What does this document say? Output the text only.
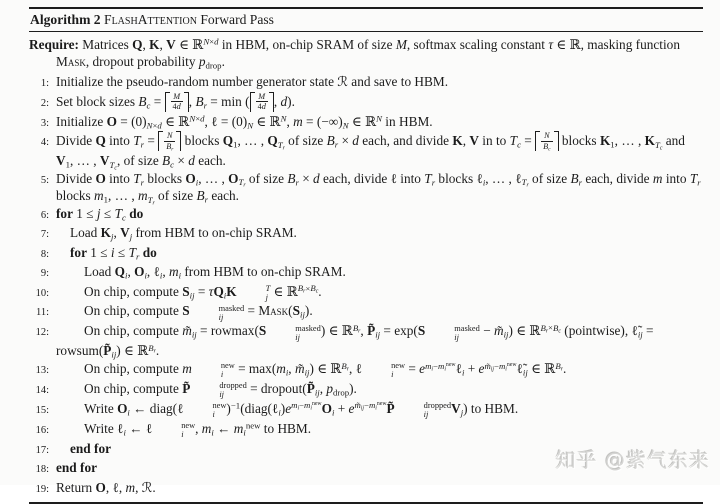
Algorithm 2 FlashAttention Forward Pass
Require: Matrices Q, K, V ∈ ℝ$^{N\times d}$ in HBM, on-chip SRAM of size M, softmax scaling constant τ ∈ ℝ, masking function Mask, dropout probability $p_{drop}$.
1: Initialize the pseudo-random number generator state ℛ and save to HBM.
2: Set block sizes $B_c = \frac{M}{4d}$ , $B_r = \min$ ( $\frac{M}{4d}$ , d).
3: Initialize $O = (0)_{N\times d}$ ∈ ℝ$^{N\times d}$, ℓ = $(0)_N$ ∈ ℝ$^N$, $m = (-\infty)_N$ ∈ ℝ$^N$ in HBM.
4: Divide Q into $T_r = \frac{N}{B_r}$ blocks $Q_1$, … , $Q_{T_r}$ of size $B_r \times d$ each, and divide K, V in to $T_c = \frac{N}{B_c}$ blocks $K_1$, … , $K_{T_c}$ and $V_1$, … , $V_{T_c}$, of size $B_c \times d$ each.
5: Divide O into $T_r$ blocks $O_i$, … , $O_{T_r}$ of size $B_r \times d$ each, divide ℓ into $T_r$ blocks ℓ$_i$, … , ℓ$_{T_r}$ of size $B_r$ each, divide m into $T_r$ blocks $m_1$, … , $m_{T_r}$ of size $B_r$ each.
6: for $1 \le j \le T_c$ do
7:	Load $K_j$, $V_j$ from HBM to on-chip SRAM.
8:	for $1 \le i \le T_r$ do
9:	Load $Q_i$, $O_i$, ℓ$_i$, $m_i$ from HBM to on-chip SRAM.
10:	On chip, compute $S_{ij} = \tau Q_iK$	T
j ∈ ℝ$^{B_r\times B_c}$.
11:	On chip, compute S	masked
ij	= $Mask(S_{ij})$.
12:	On chip, compute $m̃_{ij} = rowmax(S$	masked
ij	) ∈ ℝ$^{B_r}$, $P̃_{ij} = \exp(S$	masked
ij	− $m̃_{ij}$) ∈ ℝ$^{B_r\times B_c}$ (pointwise), $\ell̃_{ij}$ = $rowsum(P̃_{ij})$ ∈ ℝ$^{B_r}$.
13:	On chip, compute m	new
$i = \max(m_i$, $m̃_{ij}$) ∈ ℝ$^{B_r}$, ℓ	new
$i = e^{m_i-m_i^{new}}\ell_i$ + $e^{m̃_{ij}-m_i^{new}}\ell̃_{ij}$ ∈ ℝ$^{B_r}$.
14:	On chip, compute P̃	dropped
ij	= $dropout(P̃_{ij}$, $p_{drop}$).
15:	Write $O_i$ ← diag(ℓ	new
i )$^{-1}(diag(\ell_i)e^{m_i-m_i^{new}}O_i$ + $e^{m̃_{ij}-m_i^{new}}P̃$	dropped
ij	$V_j$) to HBM.
16:	Write ℓ$_i$ ← ℓ	new
i , $m_i$ ← $m_i^{new}$ to HBM.
17:	end for
18: end for
19: Return O, ℓ, m, ℛ.
知乎 @紫气东来
